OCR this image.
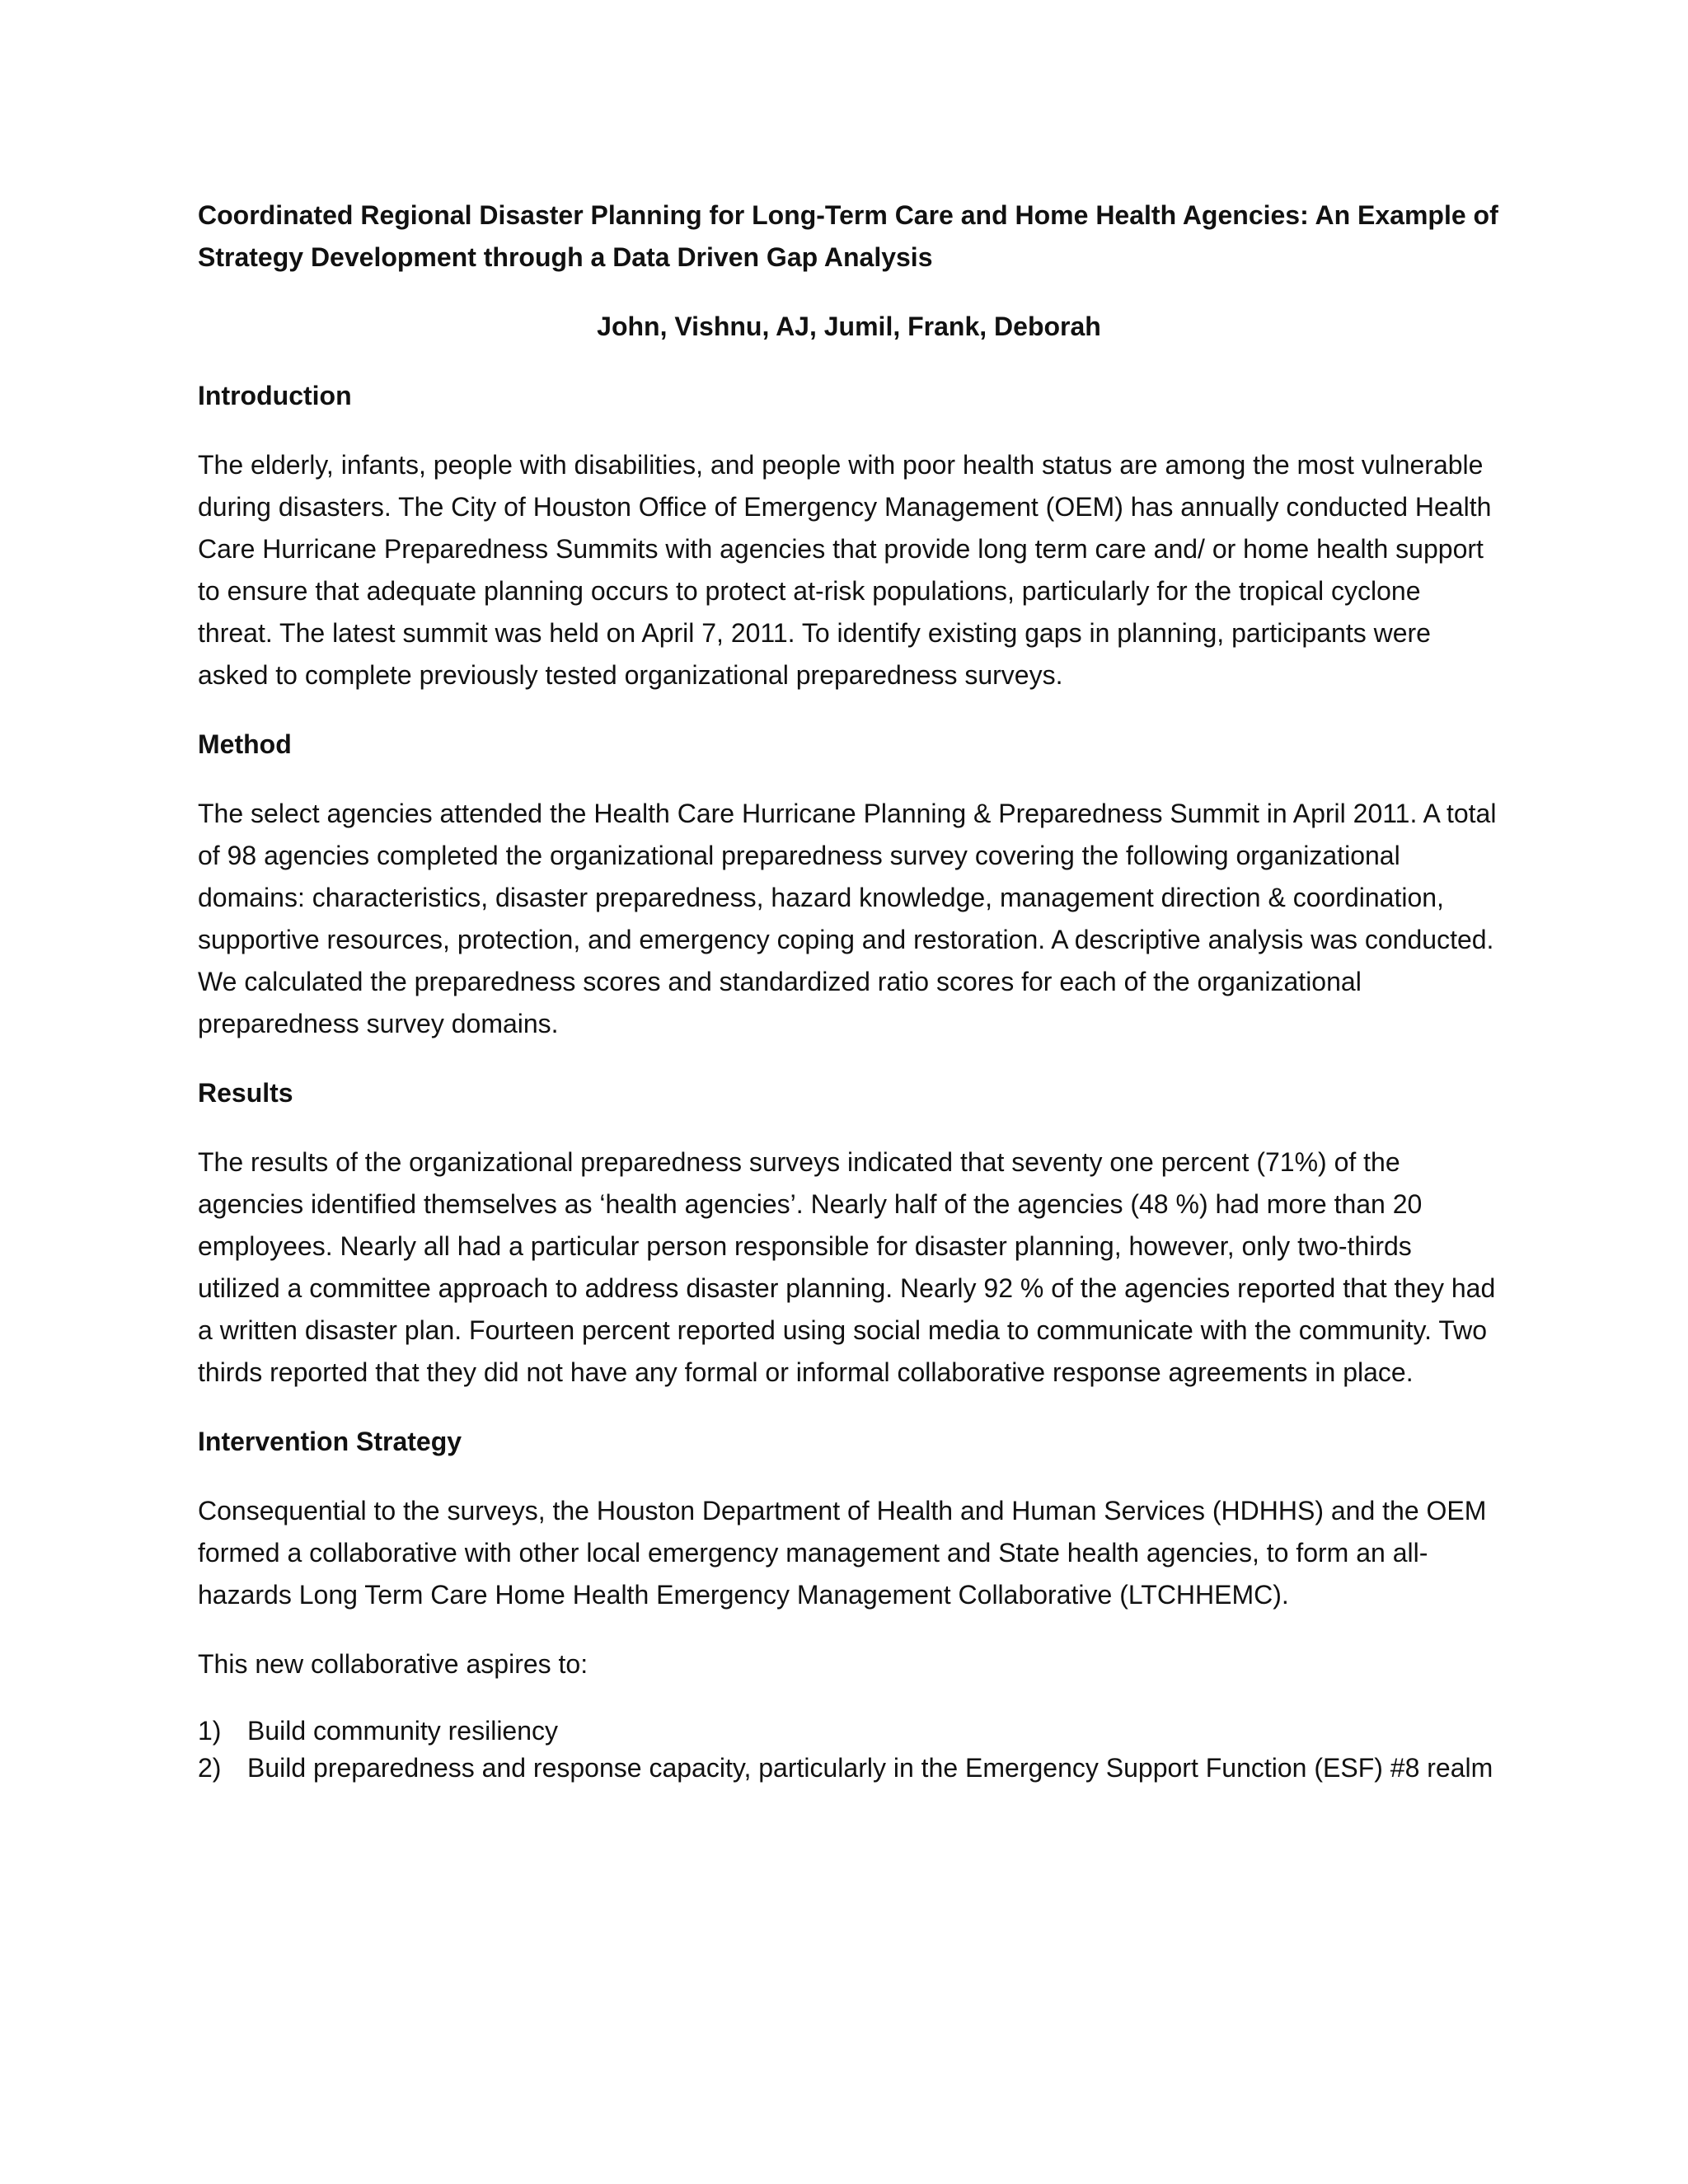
Coordinated Regional Disaster Planning for Long-Term Care and Home Health Agencies: An Example of Strategy Development through a Data Driven Gap Analysis

John, Vishnu, AJ, Jumil, Frank, Deborah

Introduction

The elderly, infants, people with disabilities, and people with poor health status are among the most vulnerable during disasters. The City of Houston Office of Emergency Management (OEM) has annually conducted Health Care Hurricane Preparedness Summits with agencies that provide long term care and/ or home health support to ensure that adequate planning occurs to protect at-risk populations, particularly for the tropical cyclone threat. The latest summit was held on April 7, 2011. To identify existing gaps in planning, participants were asked to complete previously tested organizational preparedness surveys.

Method

The select agencies attended the Health Care Hurricane Planning & Preparedness Summit in April 2011. A total of 98 agencies completed the organizational preparedness survey covering the following organizational domains: characteristics, disaster preparedness, hazard knowledge, management direction & coordination, supportive resources, protection, and emergency coping and restoration. A descriptive analysis was conducted. We calculated the preparedness scores and standardized ratio scores for each of the organizational preparedness survey domains.

Results

The results of the organizational preparedness surveys indicated that seventy one percent (71%) of the agencies identified themselves as ‘health agencies’. Nearly half of the agencies (48 %) had more than 20 employees. Nearly all had a particular person responsible for disaster planning, however, only two-thirds utilized a committee approach to address disaster planning. Nearly 92 % of the agencies reported that they had a written disaster plan. Fourteen percent reported using social media to communicate with the community. Two thirds reported that they did not have any formal or informal collaborative response agreements in place.

Intervention Strategy

Consequential to the surveys, the Houston Department of Health and Human Services (HDHHS) and the OEM formed a collaborative with other local emergency management and State health agencies, to form an all-hazards Long Term Care Home Health Emergency Management Collaborative (LTCHHEMC).

This new collaborative aspires to:

1) Build community resiliency
2) Build preparedness and response capacity, particularly in the Emergency Support Function (ESF) #8 realm
